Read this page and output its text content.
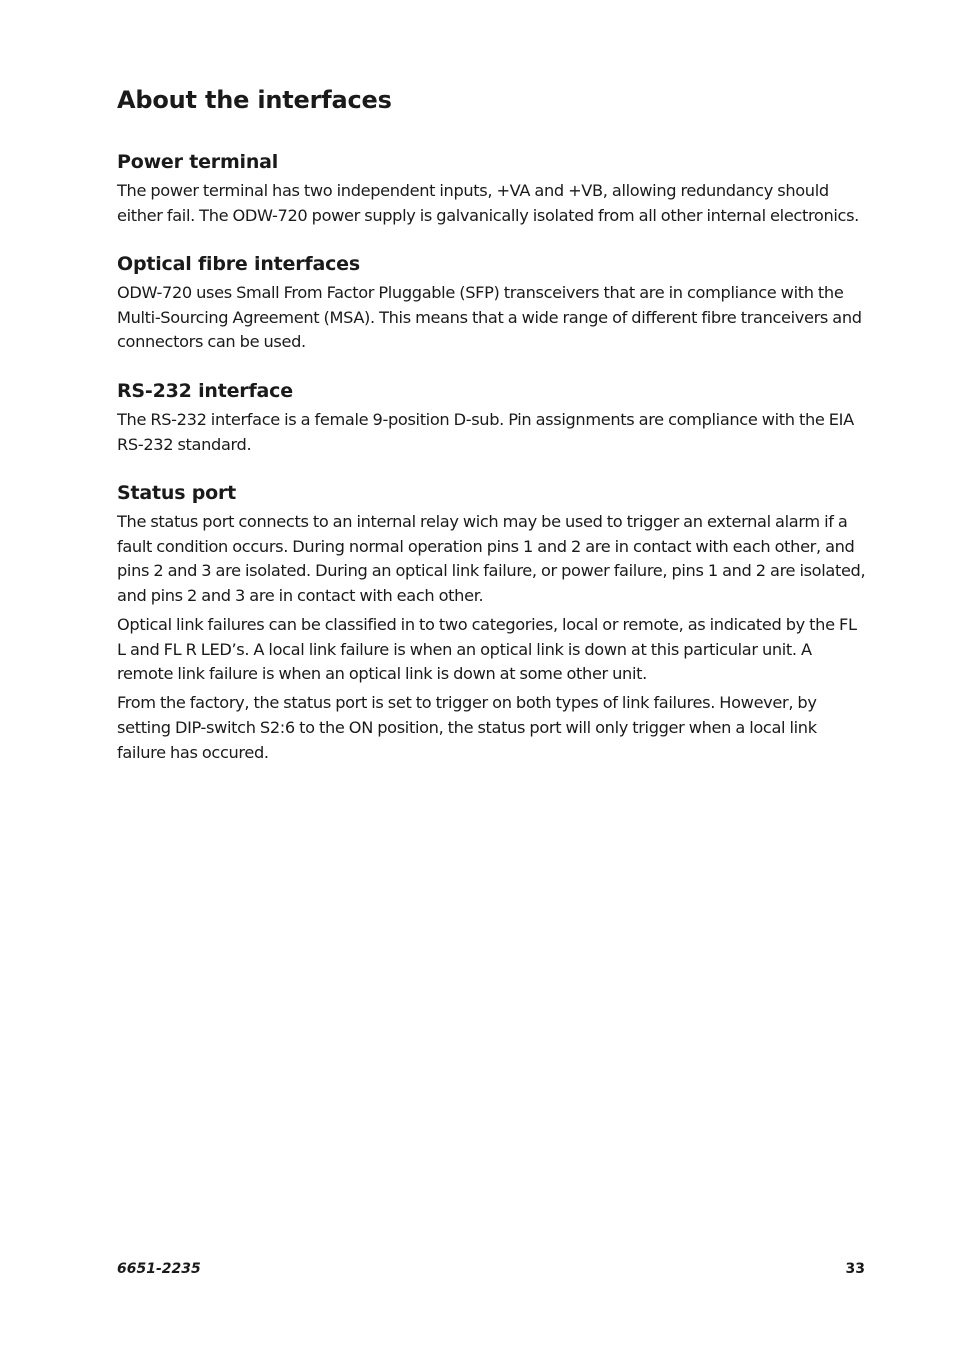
About the interfaces
Power terminal

The power terminal has two independent inputs, +VA and +VB, allowing redundancy should either fail. The ODW-720 power supply is galvanically isolated from all other internal electronics.

Optical fibre interfaces

ODW-720 uses Small From Factor Pluggable (SFP) transceivers that are in compliance with the Multi-Sourcing Agreement (MSA). This means that a wide range of different fibre tranceivers and connectors can be used.

RS-232 interface

The RS-232 interface is a female 9-position D-sub. Pin assignments are compliance with the EIA RS-232 standard.

Status port

The status port connects to an internal relay wich may be used to trigger an external alarm if a fault condition occurs. During normal operation pins 1 and 2 are in contact with each other, and pins 2 and 3 are isolated. During an optical link failure, or power failure, pins 1 and 2 are isolated, and pins 2 and 3 are in contact with each other.

Optical link failures can be classified in to two categories, local or remote, as indicated by the FL L and FL R LED’s. A local link failure is when an optical link is down at this particular unit. A remote link failure is when an optical link is down at some other unit.

From the factory, the status port is set to trigger on both types of link failures. However, by setting DIP-switch S2:6 to the ON position, the status port will only trigger when a local link failure has occured.

6651-2235	33
